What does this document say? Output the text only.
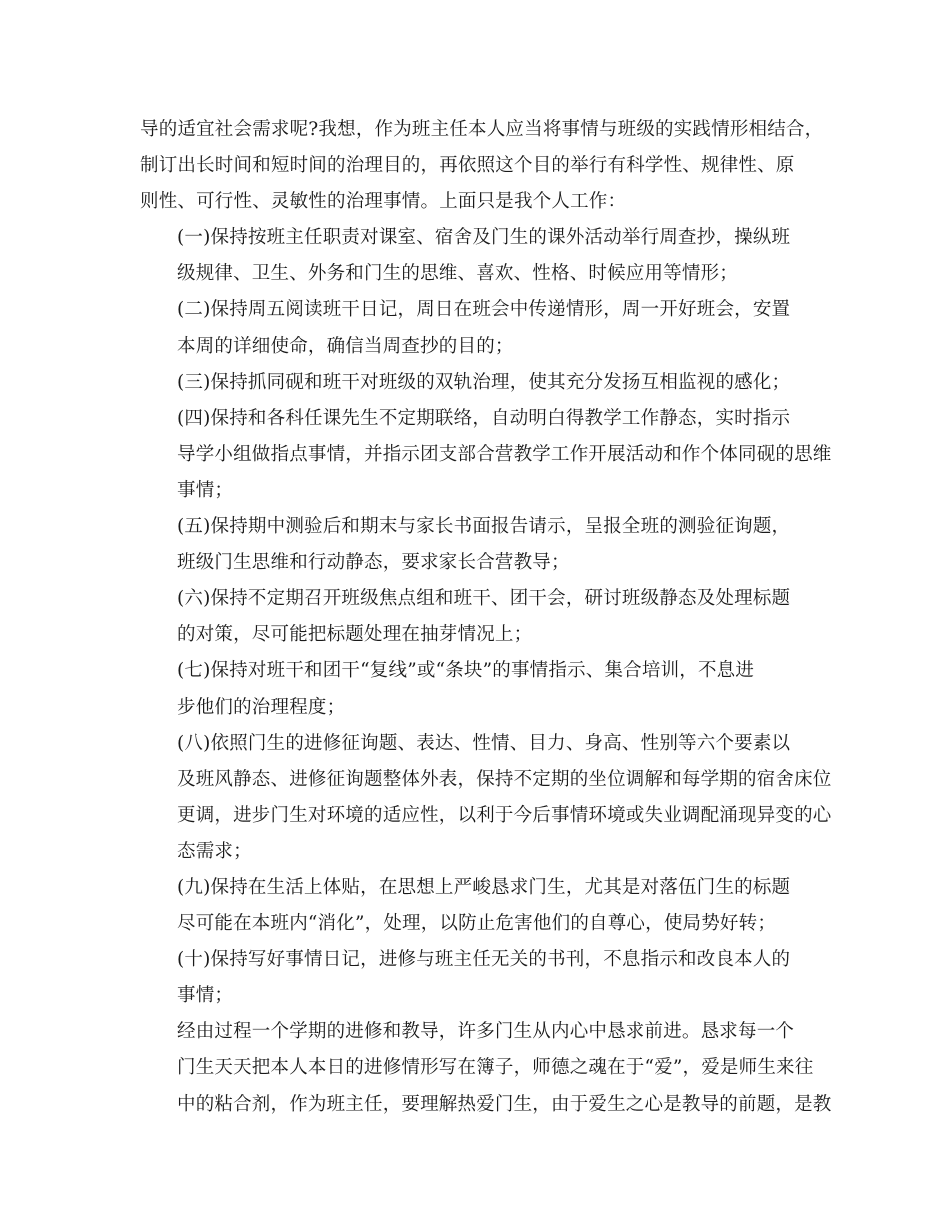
导的适宜社会需求呢?我想，作为班主任本人应当将事情与班级的实践情形相结合，
制订出长时间和短时间的治理目的，再依照这个目的举行有科学性、规律性、原
则性、可行性、灵敏性的治理事情。上面只是我个人工作：
(一)保持按班主任职责对课室、宿舍及门生的课外活动举行周查抄，操纵班
级规律、卫生、外务和门生的思维、喜欢、性格、时候应用等情形；
(二)保持周五阅读班干日记，周日在班会中传递情形，周一开好班会，安置
本周的详细使命，确信当周查抄的目的；
(三)保持抓同砚和班干对班级的双轨治理，使其充分发扬互相监视的感化；
(四)保持和各科任课先生不定期联络，自动明白得教学工作静态，实时指示
导学小组做指点事情，并指示团支部合营教学工作开展活动和作个体同砚的思维
事情；
(五)保持期中测验后和期末与家长书面报告请示，呈报全班的测验征询题，
班级门生思维和行动静态，要求家长合营教导；
(六)保持不定期召开班级焦点组和班干、团干会，研讨班级静态及处理标题
的对策，尽可能把标题处理在抽芽情况上；
(七)保持对班干和团干“复线”或“条块”的事情指示、集合培训，不息进
步他们的治理程度；
(八)依照门生的进修征询题、表达、性情、目力、身高、性别等六个要素以
及班风静态、进修征询题整体外表，保持不定期的坐位调解和每学期的宿舍床位
更调，进步门生对环境的适应性，以利于今后事情环境或失业调配涌现异变的心
态需求；
(九)保持在生活上体贴，在思想上严峻恳求门生，尤其是对落伍门生的标题
尽可能在本班内“消化”，处理，以防止危害他们的自尊心，使局势好转；
(十)保持写好事情日记，进修与班主任无关的书刊，不息指示和改良本人的
事情；
经由过程一个学期的进修和教导，许多门生从内心中恳求前进。恳求每一个
门生天天把本人本日的进修情形写在簿子，师德之魂在于“爱”，爱是师生来往
中的粘合剂，作为班主任，要理解热爱门生，由于爱生之心是教导的前题，是教
